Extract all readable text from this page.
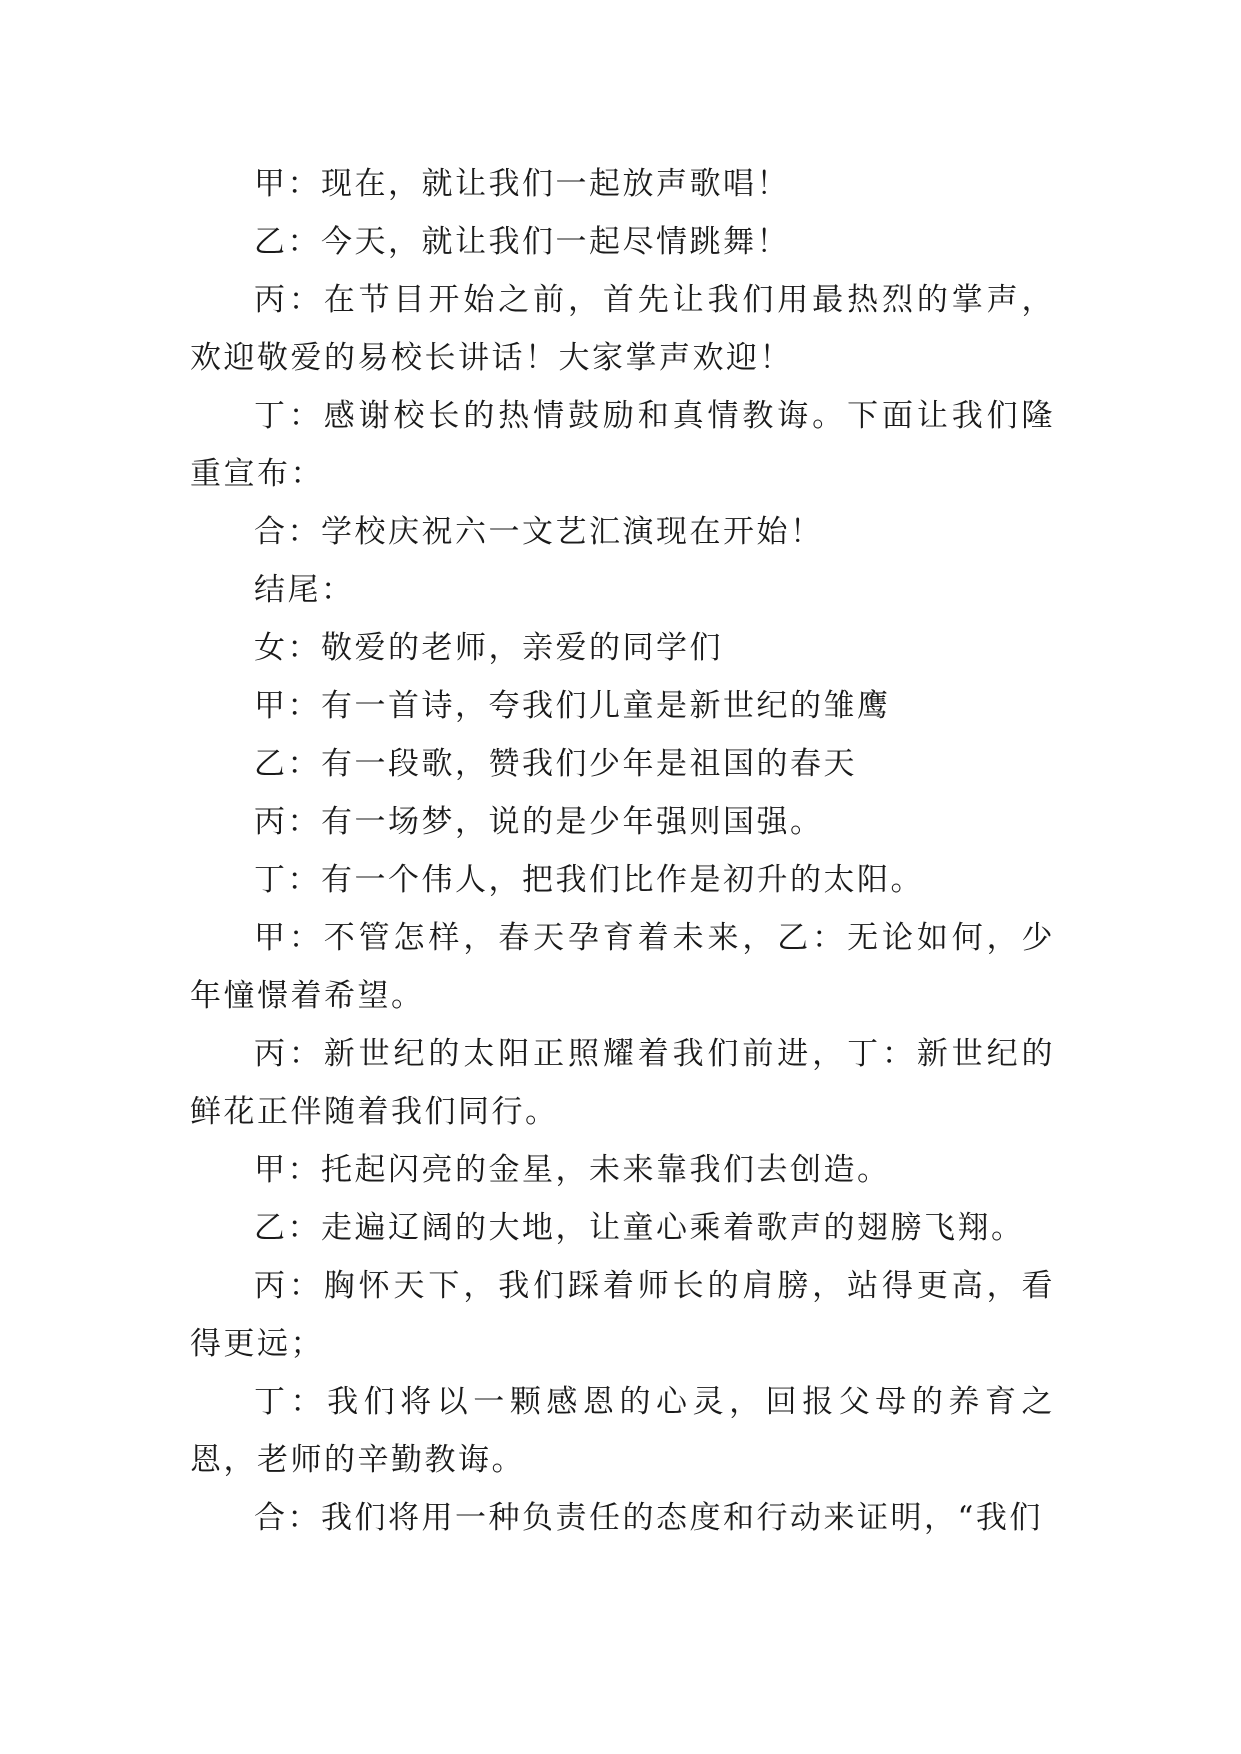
甲：现在，就让我们一起放声歌唱！

乙：今天，就让我们一起尽情跳舞！

丙：在节目开始之前，首先让我们用最热烈的掌声，欢迎敬爱的易校长讲话！大家掌声欢迎！

丁：感谢校长的热情鼓励和真情教诲。下面让我们隆重宣布：

合：学校庆祝六一文艺汇演现在开始！

结尾：

女：敬爱的老师，亲爱的同学们

甲：有一首诗，夸我们儿童是新世纪的雏鹰

乙：有一段歌，赞我们少年是祖国的春天

丙：有一场梦，说的是少年强则国强。

丁：有一个伟人，把我们比作是初升的太阳。

甲：不管怎样，春天孕育着未来，乙：无论如何，少年憧憬着希望。

丙：新世纪的太阳正照耀着我们前进，丁：新世纪的鲜花正伴随着我们同行。

甲：托起闪亮的金星，未来靠我们去创造。

乙：走遍辽阔的大地，让童心乘着歌声的翅膀飞翔。

丙：胸怀天下，我们踩着师长的肩膀，站得更高，看得更远；

丁：我们将以一颗感恩的心灵，回报父母的养育之恩，老师的辛勤教诲。

合：我们将用一种负责任的态度和行动来证明，“我们
